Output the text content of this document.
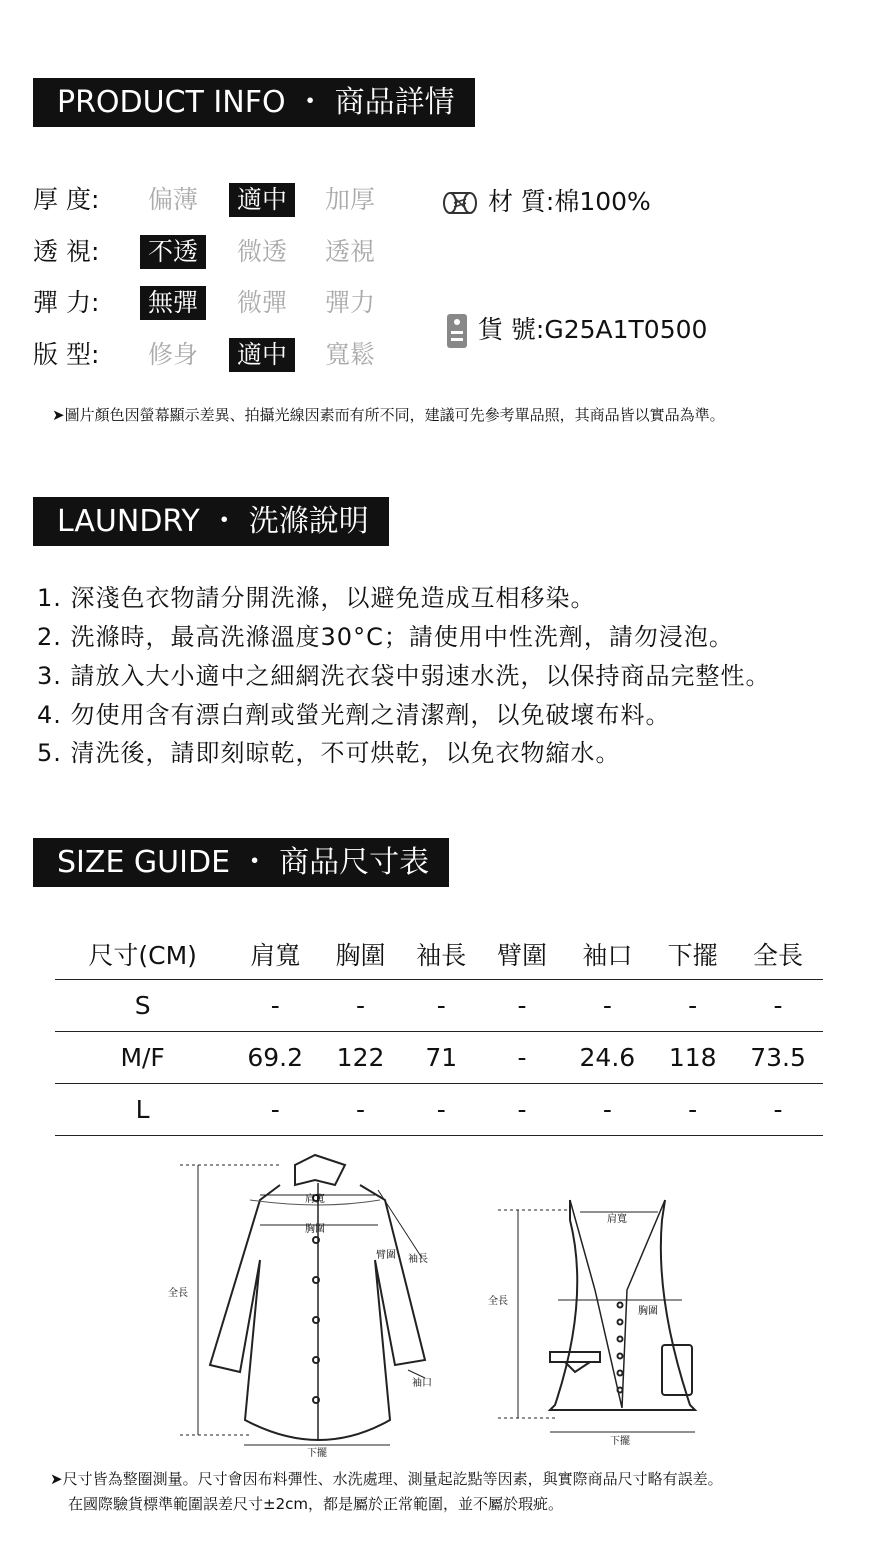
PRODUCT INFO ・ 商品詳情
厚 度:	偏薄	適中	加厚
透 視:	不透	微透 透視
彈 力:	無彈	微彈 彈力
版 型:	修身	適中	寬鬆
材 質:棉100%
貨 號:G25A1T0500
➤圖片顏色因螢幕顯示差異、拍攝光線因素而有所不同，建議可先參考單品照，其商品皆以實品為準。
LAUNDRY ・ 洗滌說明
1. 深淺色衣物請分開洗滌，以避免造成互相移染。
2. 洗滌時，最高洗滌溫度30°C；請使用中性洗劑，請勿浸泡。
3. 請放入大小適中之細網洗衣袋中弱速水洗，以保持商品完整性。
4. 勿使用含有漂白劑或螢光劑之清潔劑，以免破壞布料。
5. 清洗後，請即刻晾乾，不可烘乾，以免衣物縮水。
SIZE GUIDE ・ 商品尺寸表
尺寸(CM)	肩寬	胸圍	袖長	臂圍	袖口	下擺	全長
S	-	-	-	-	-	-	-
M/F	69.2	122	71	-	24.6	118	73.5
L	-	-	-	-	-	-	-
肩寬
胸圍
臂圍 袖長
全長
袖口
下擺
肩寬
胸圍
全長
下擺
➤尺寸皆為整圈測量。尺寸會因布料彈性、水洗處理、測量起訖點等因素，與實際商品尺寸略有誤差。
在國際驗貨標準範圍誤差尺寸±2cm，都是屬於正常範圍，並不屬於瑕疵。
